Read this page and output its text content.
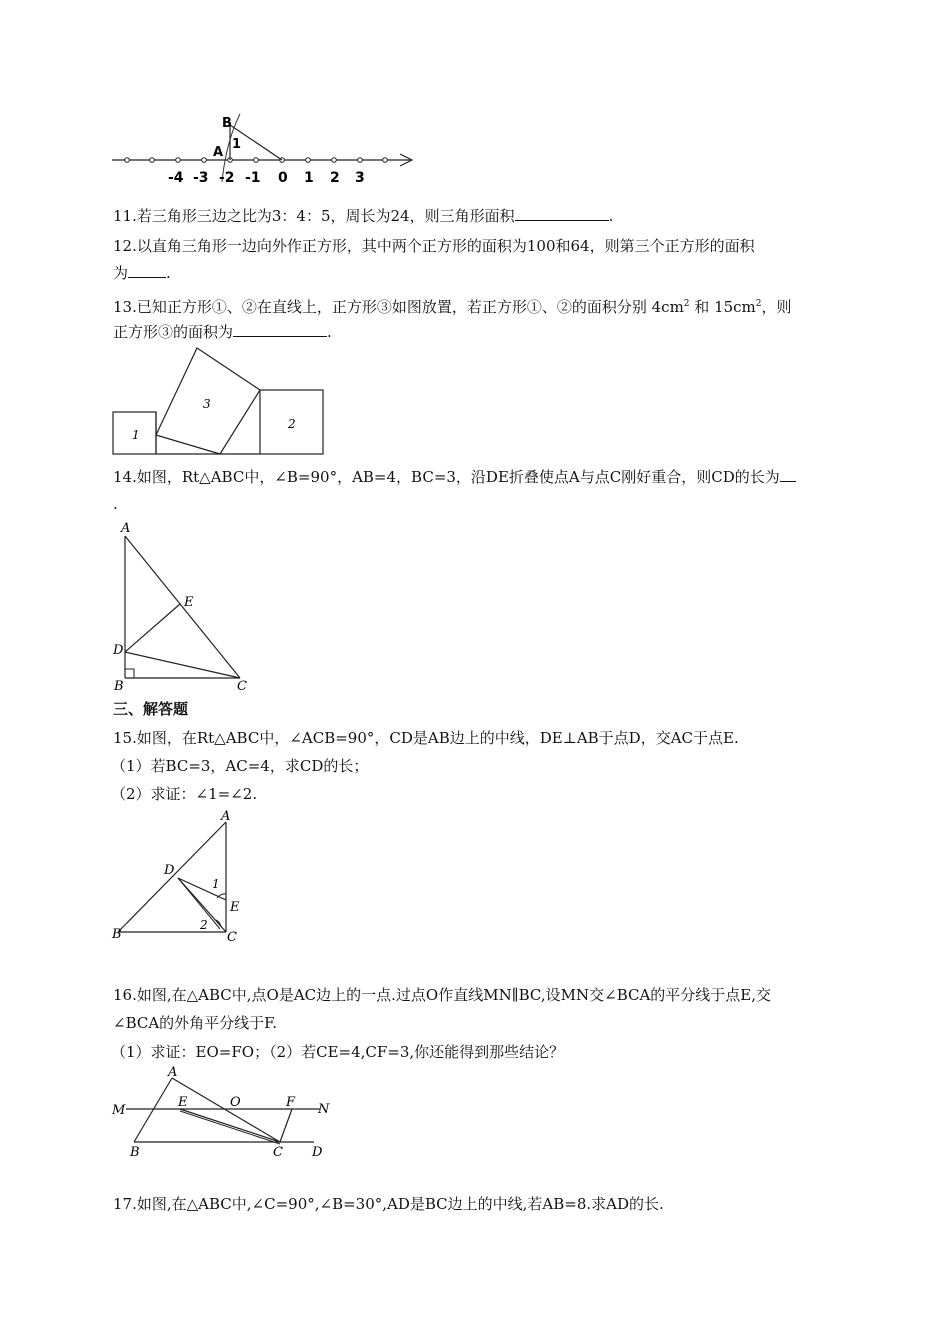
B
A
1
-4 -3 -2 -1 0 1 2 3
11.若三角形三边之比为3：4：5，周长为24，则三角形面积	.
12.以直角三角形一边向外作正方形，其中两个正方形的面积为100和64，则第三个正方形的面积
为	.
13.已知正方形①、②在直线上，正方形③如图放置，若正方形①、②的面积分别 $4cm^2$ 和 $15cm^2$，则
正方形③的面积为	.
1
2
3
14.如图，Rt△ABC中，∠B=90°，AB=4，BC=3，沿DE折叠使点A与点C刚好重合，则CD的长为
.
A
E
D
B	C
三、解答题
15.如图，在Rt△ABC中，∠ACB=90°，CD是AB边上的中线，DE⊥AB于点D，交AC于点E.
（1）若BC=3，AC=4，求CD的长；
（2）求证：∠1=∠2.
A
D
1
E
2
B	C
16.如图,在△ABC中,点O是AC边上的一点.过点O作直线MN∥BC,设MN交∠BCA的平分线于点E,交
∠BCA的外角平分线于F.
（1）求证：EO=FO；（2）若CE=4,CF=3,你还能得到那些结论？
A
M
E	O	F N
B	C D
17.如图,在△ABC中,∠C=90°,∠B=30°,AD是BC边上的中线,若AB=8.求AD的长.
